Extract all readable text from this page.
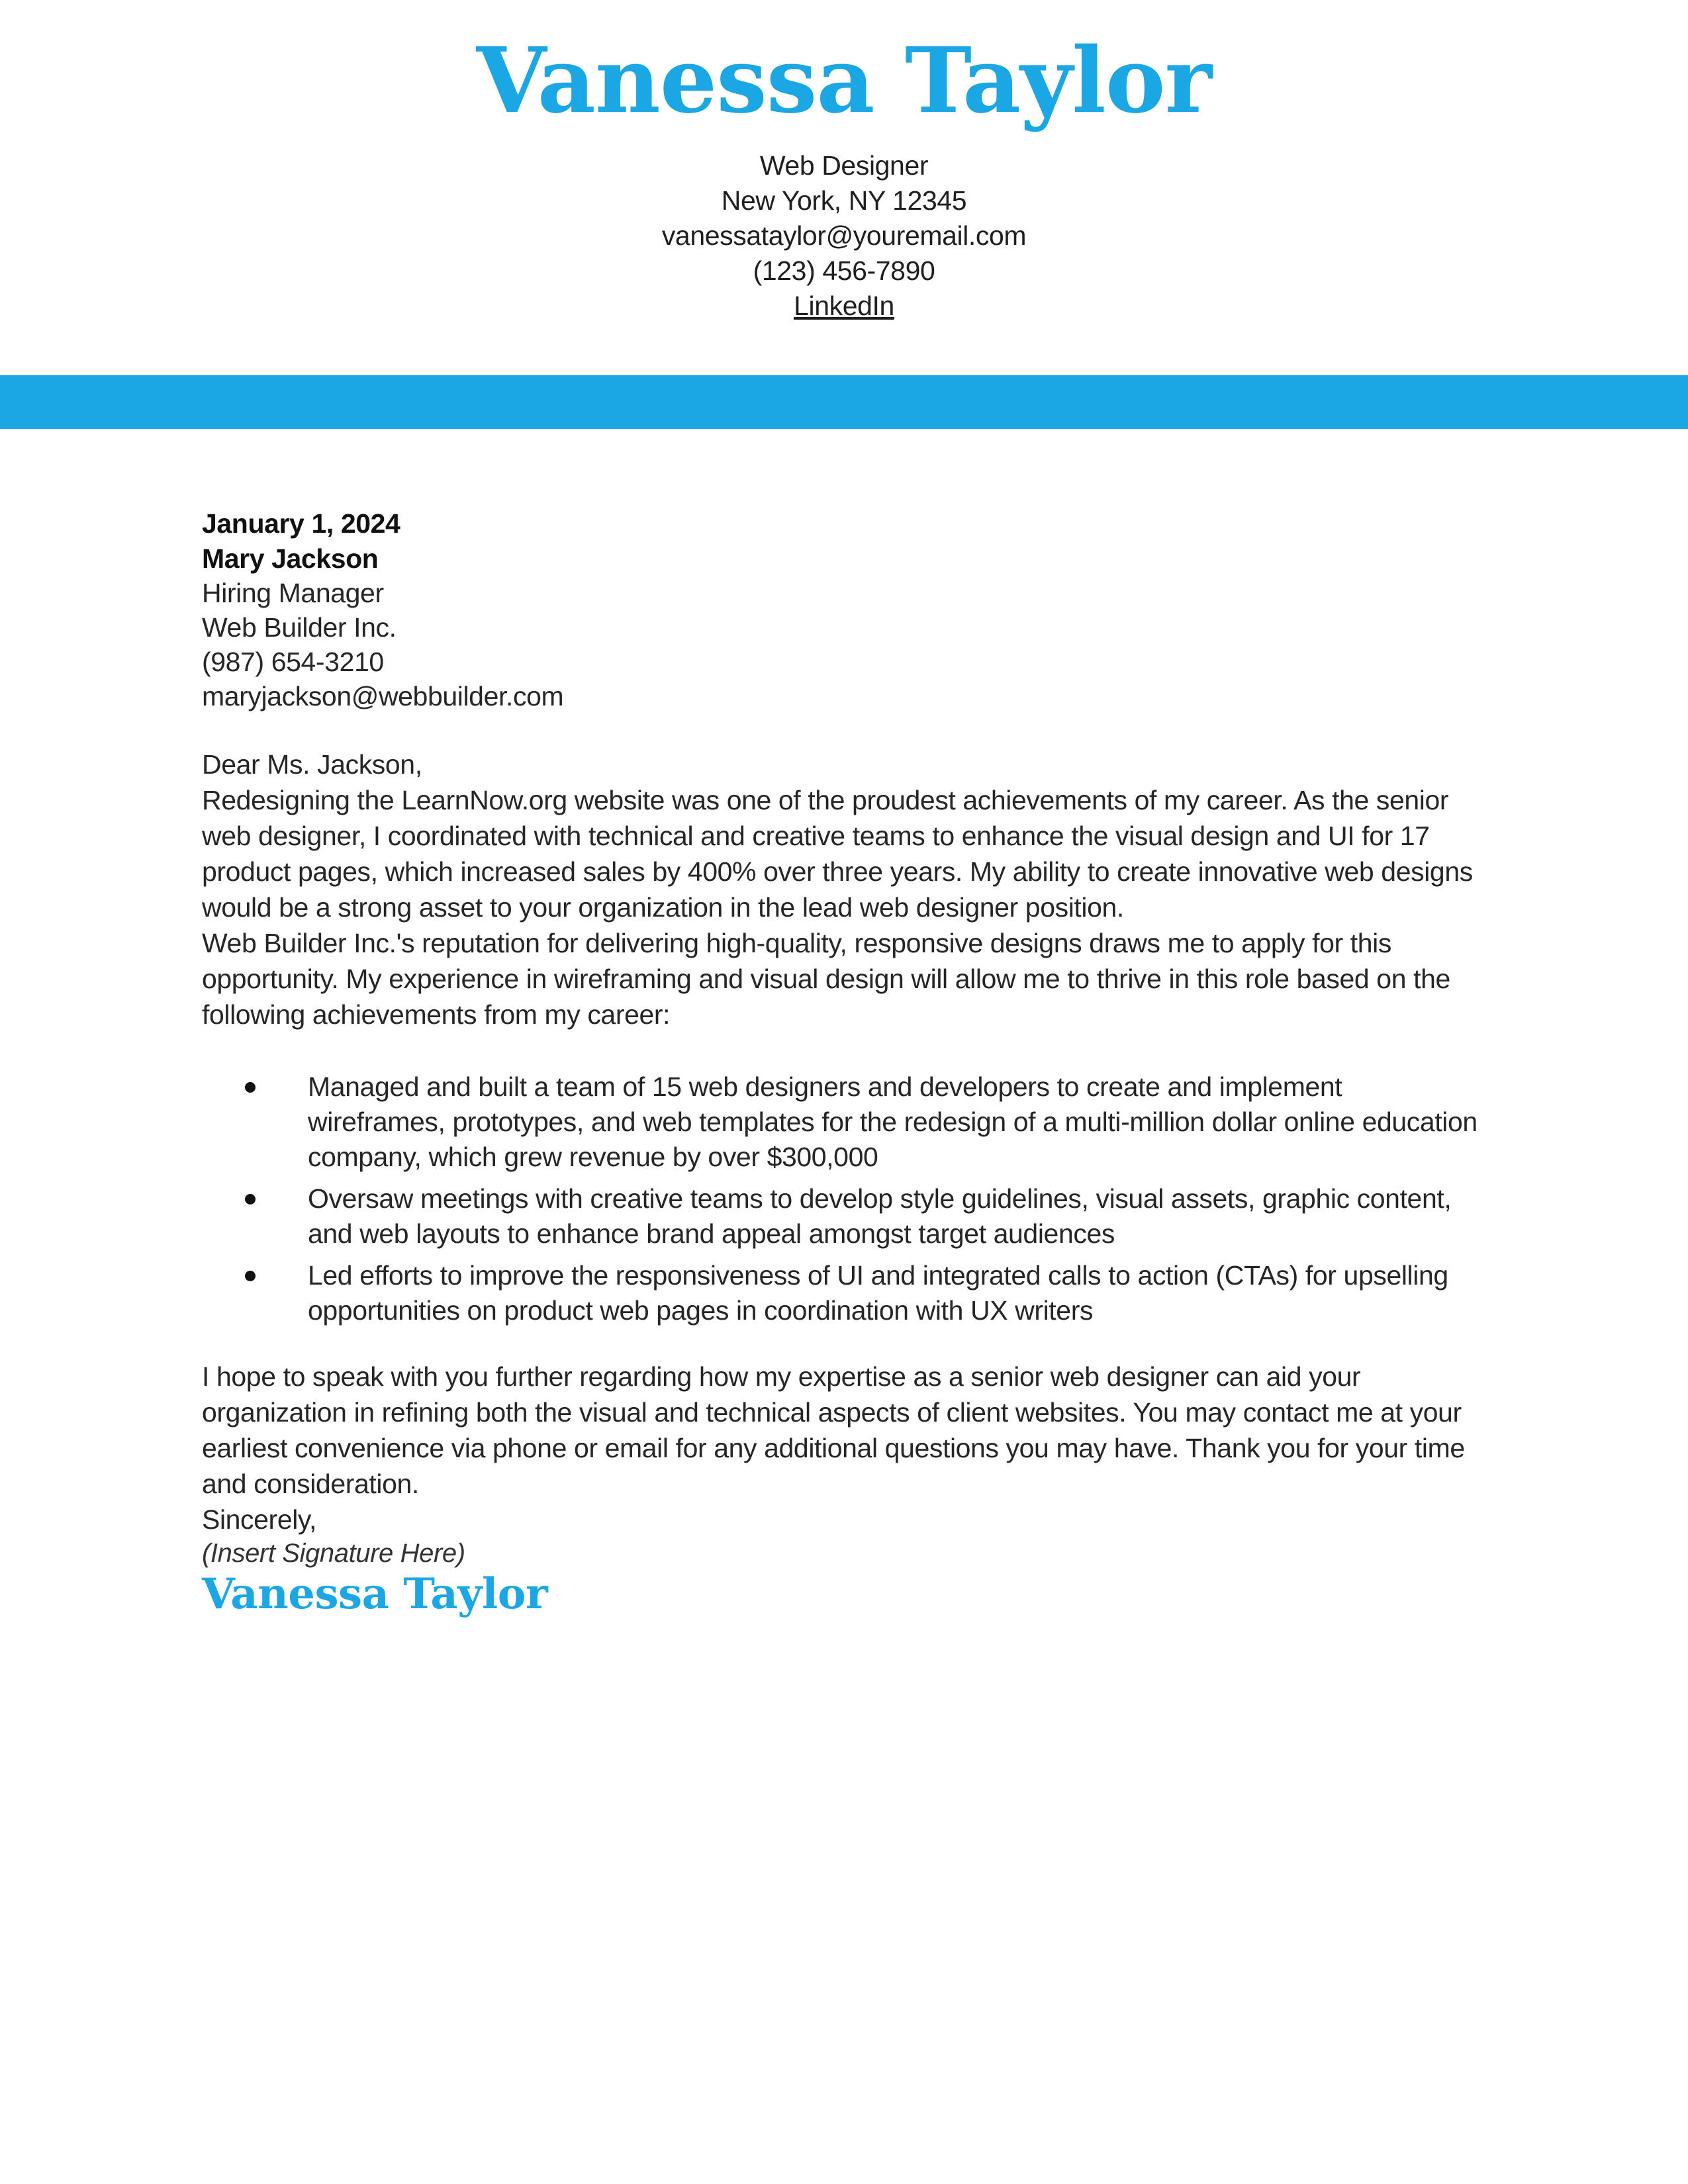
Vanessa Taylor
Web Designer
New York, NY 12345
vanessataylor@youremail.com
(123) 456-7890
LinkedIn

January 1, 2024

Mary Jackson

Hiring Manager

Web Builder Inc.

(987) 654-3210

maryjackson@webbuilder.com

Dear Ms. Jackson,

Redesigning the LearnNow.org website was one of the proudest achievements of my career. As the senior web designer, I coordinated with technical and creative teams to enhance the visual design and UI for 17 product pages, which increased sales by 400% over three years. My ability to create innovative web designs would be a strong asset to your organization in the lead web designer position.

Web Builder Inc.'s reputation for delivering high-quality, responsive designs draws me to apply for this opportunity. My experience in wireframing and visual design will allow me to thrive in this role based on the following achievements from my career:

Managed and built a team of 15 web designers and developers to create and implement wireframes, prototypes, and web templates for the redesign of a multi-million dollar online education company, which grew revenue by over $300,000
Oversaw meetings with creative teams to develop style guidelines, visual assets, graphic content, and web layouts to enhance brand appeal amongst target audiences
Led efforts to improve the responsiveness of UI and integrated calls to action (CTAs) for upselling opportunities on product web pages in coordination with UX writers

I hope to speak with you further regarding how my expertise as a senior web designer can aid your organization in refining both the visual and technical aspects of client websites. You may contact me at your earliest convenience via phone or email for any additional questions you may have. Thank you for your time and consideration.

Sincerely,

(Insert Signature Here)

Vanessa Taylor
